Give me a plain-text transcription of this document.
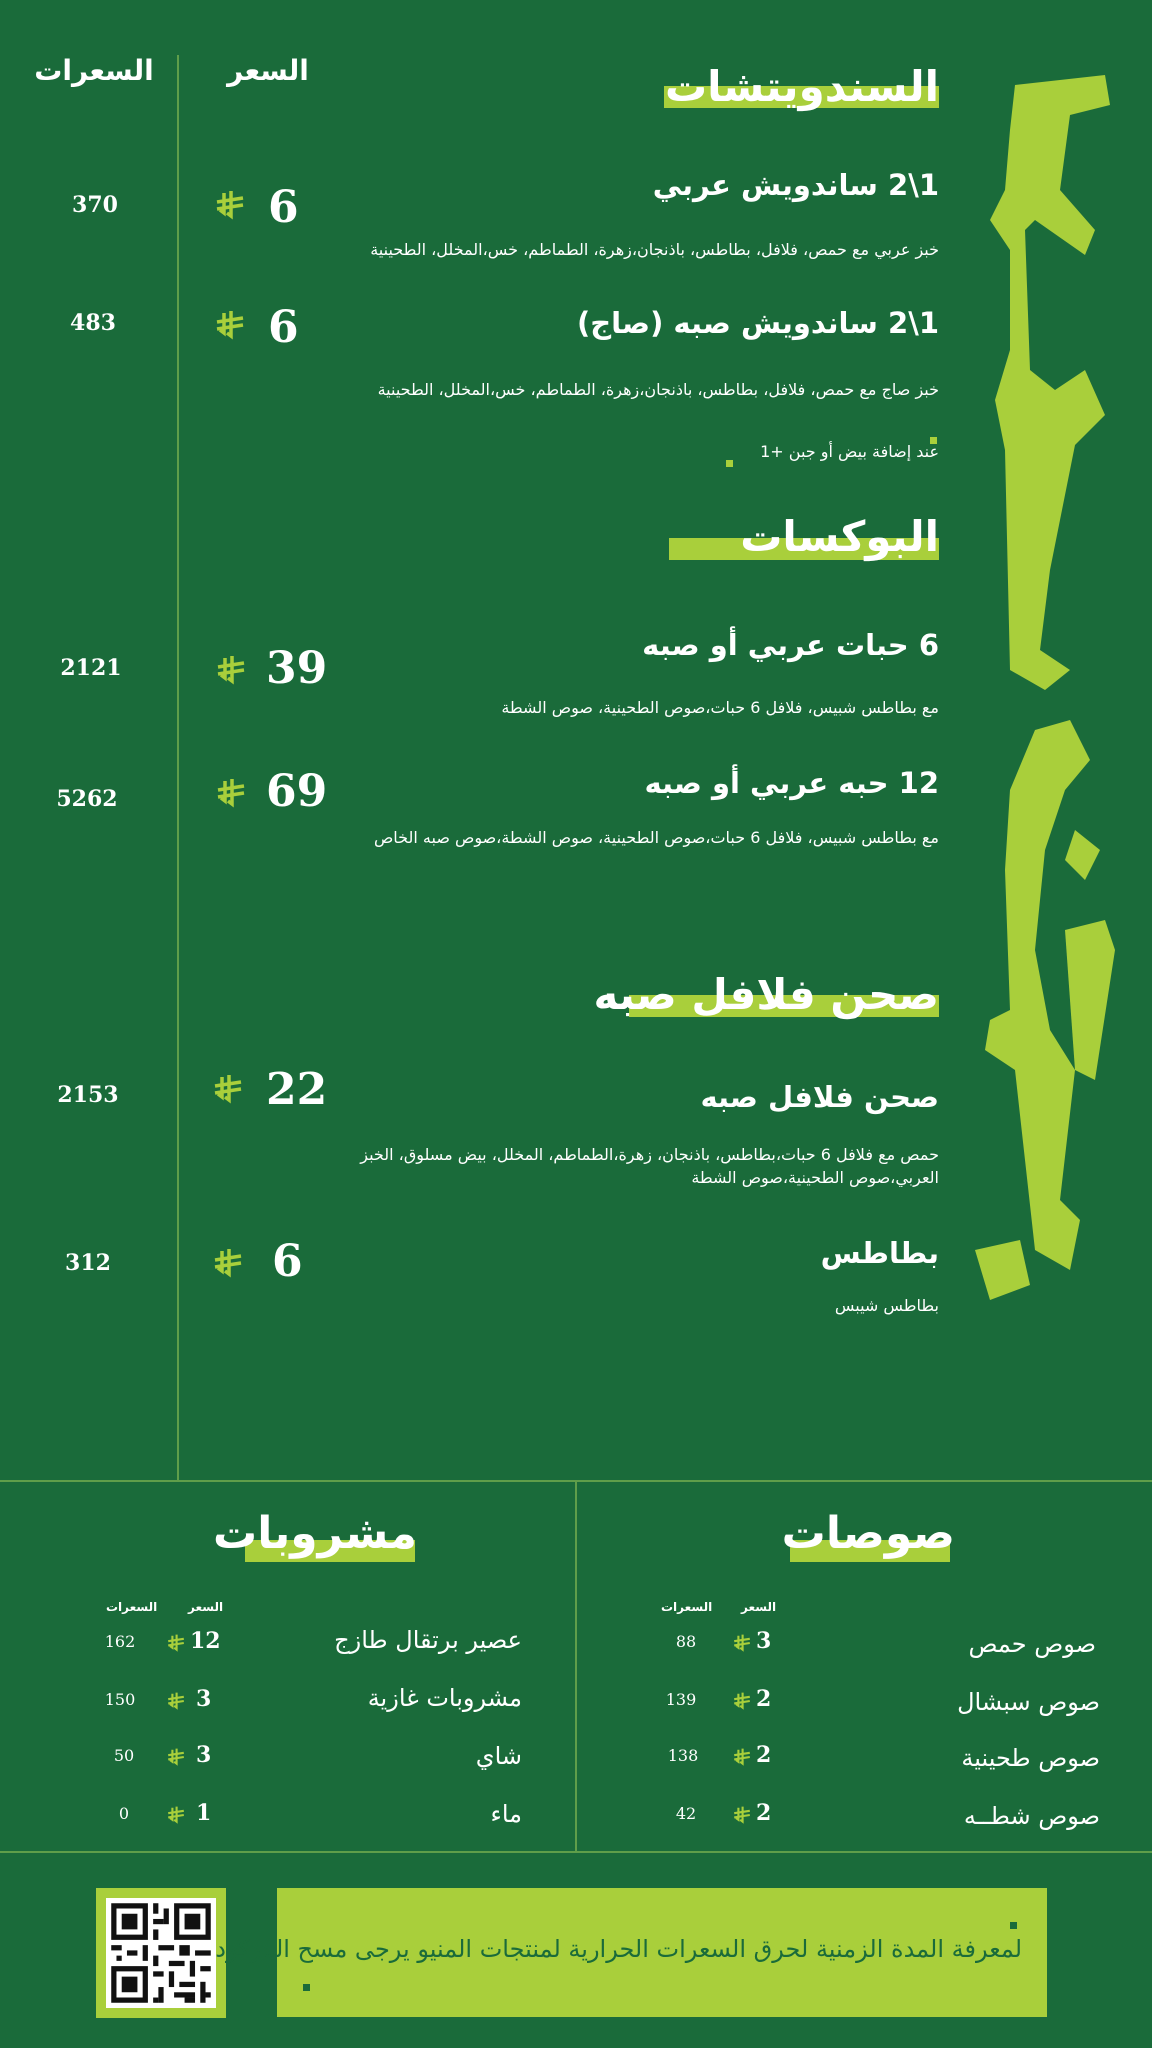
السعرات	السعر	السندويتشات
1\2 ساندويش عربي
خبز عربي مع حمص، فلافل، بطاطس، باذنجان،زهرة، الطماطم، خس،المخلل، الطحينية
6
370
1\2 ساندويش صبه (صاج)
خبز صاج مع حمص، فلافل، بطاطس، باذنجان،زهرة، الطماطم، خس،المخلل، الطحينية
6
483
عند إضافة بيض أو جبن +1
البوكسات
6 حبات عربي أو صبه
مع بطاطس شبيس، فلافل 6 حبات،صوص الطحينية، صوص الشطة
39
2121
12 حبه عربي أو صبه
مع بطاطس شبيس، فلافل 6 حبات،صوص الطحينية، صوص الشطة،صوص صبه الخاص
69
5262
صحن فلافل صبه
صحن فلافل صبه
حمص مع فلافل 6 حبات،بطاطس، باذنجان، زهرة،الطماطم، المخلل، بيض مسلوق، الخبز
العربي،صوص الطحينية،صوص الشطة
22
2153
بطاطس
بطاطس شيبس
6
312
صوصات
السعر
السعرات
صوص حمص
3
88
صوص سبشال
2
139
صوص طحينية
2
138
صوص شطــه
2
42
مشروبات
السعر
السعرات
عصير برتقال طازج
12
162
مشروبات غازية
3
150
شاي
3
50
ماء
1
0
لمعرفة المدة الزمنية لحرق السعرات الحرارية لمنتجات المنيو يرجى مسح الباركود
